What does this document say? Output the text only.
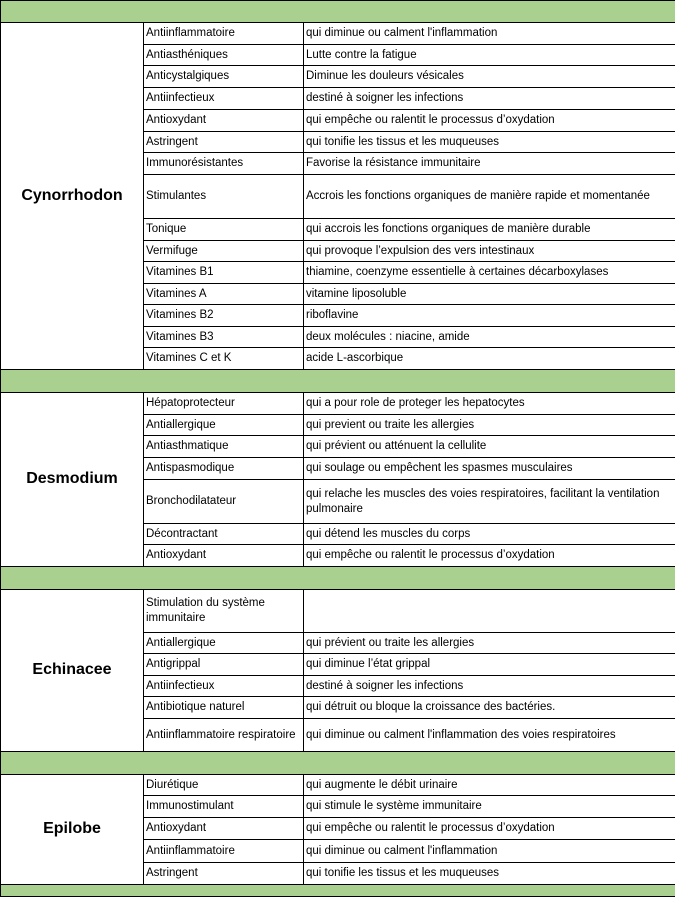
Cynorrhodon	Antiinflammatoire	qui diminue ou calment l'inflammation
	Antiasthéniques	Lutte contre la fatigue
	Anticystalgiques	Diminue les douleurs vésicales
	Antiinfectieux	destiné à soigner les infections
	Antioxydant	qui empêche ou ralentit le processus d’oxydation
	Astringent	qui tonifie les tissus et les muqueuses
	Immunorésistantes	Favorise la résistance immunitaire
	Stimulantes	Accrois les fonctions organiques de manière rapide et momentanée
	Tonique	qui accrois les fonctions organiques de manière durable
	Vermifuge	qui provoque l’expulsion des vers intestinaux
	Vitamines B1	thiamine, coenzyme essentielle à certaines décarboxylases
	Vitamines A	vitamine liposoluble
	Vitamines B2	riboflavine
	Vitamines B3	deux molécules : niacine, amide
	Vitamines C et K	acide L-ascorbique

Desmodium	Hépatoprotecteur	qui a pour role de proteger les hepatocytes
	Antiallergique	qui previent ou traite les allergies
	Antiasthmatique	qui prévient ou atténuent la cellulite
	Antispasmodique	qui soulage ou empêchent les spasmes musculaires
	Bronchodilatateur	qui relache les muscles des voies respiratoires, facilitant la ventilation pulmonaire
	Décontractant	qui détend les muscles du corps
	Antioxydant	qui empêche ou ralentit le processus d’oxydation

Echinacee	Stimulation du système immunitaire	
	Antiallergique	qui prévient ou traite les allergies
	Antigrippal	qui diminue l’état grippal
	Antiinfectieux	destiné à soigner les infections
	Antibiotique naturel	qui détruit ou bloque la croissance des bactéries.
	Antiinflammatoire respiratoire	qui diminue ou calment l'inflammation des voies respiratoires

Epilobe	Diurétique	qui augmente le débit urinaire
	Immunostimulant	qui stimule le système immunitaire
	Antioxydant	qui empêche ou ralentit le processus d’oxydation
	Antiinflammatoire	qui diminue ou calment l'inflammation
	Astringent	qui tonifie les tissus et les muqueuses
